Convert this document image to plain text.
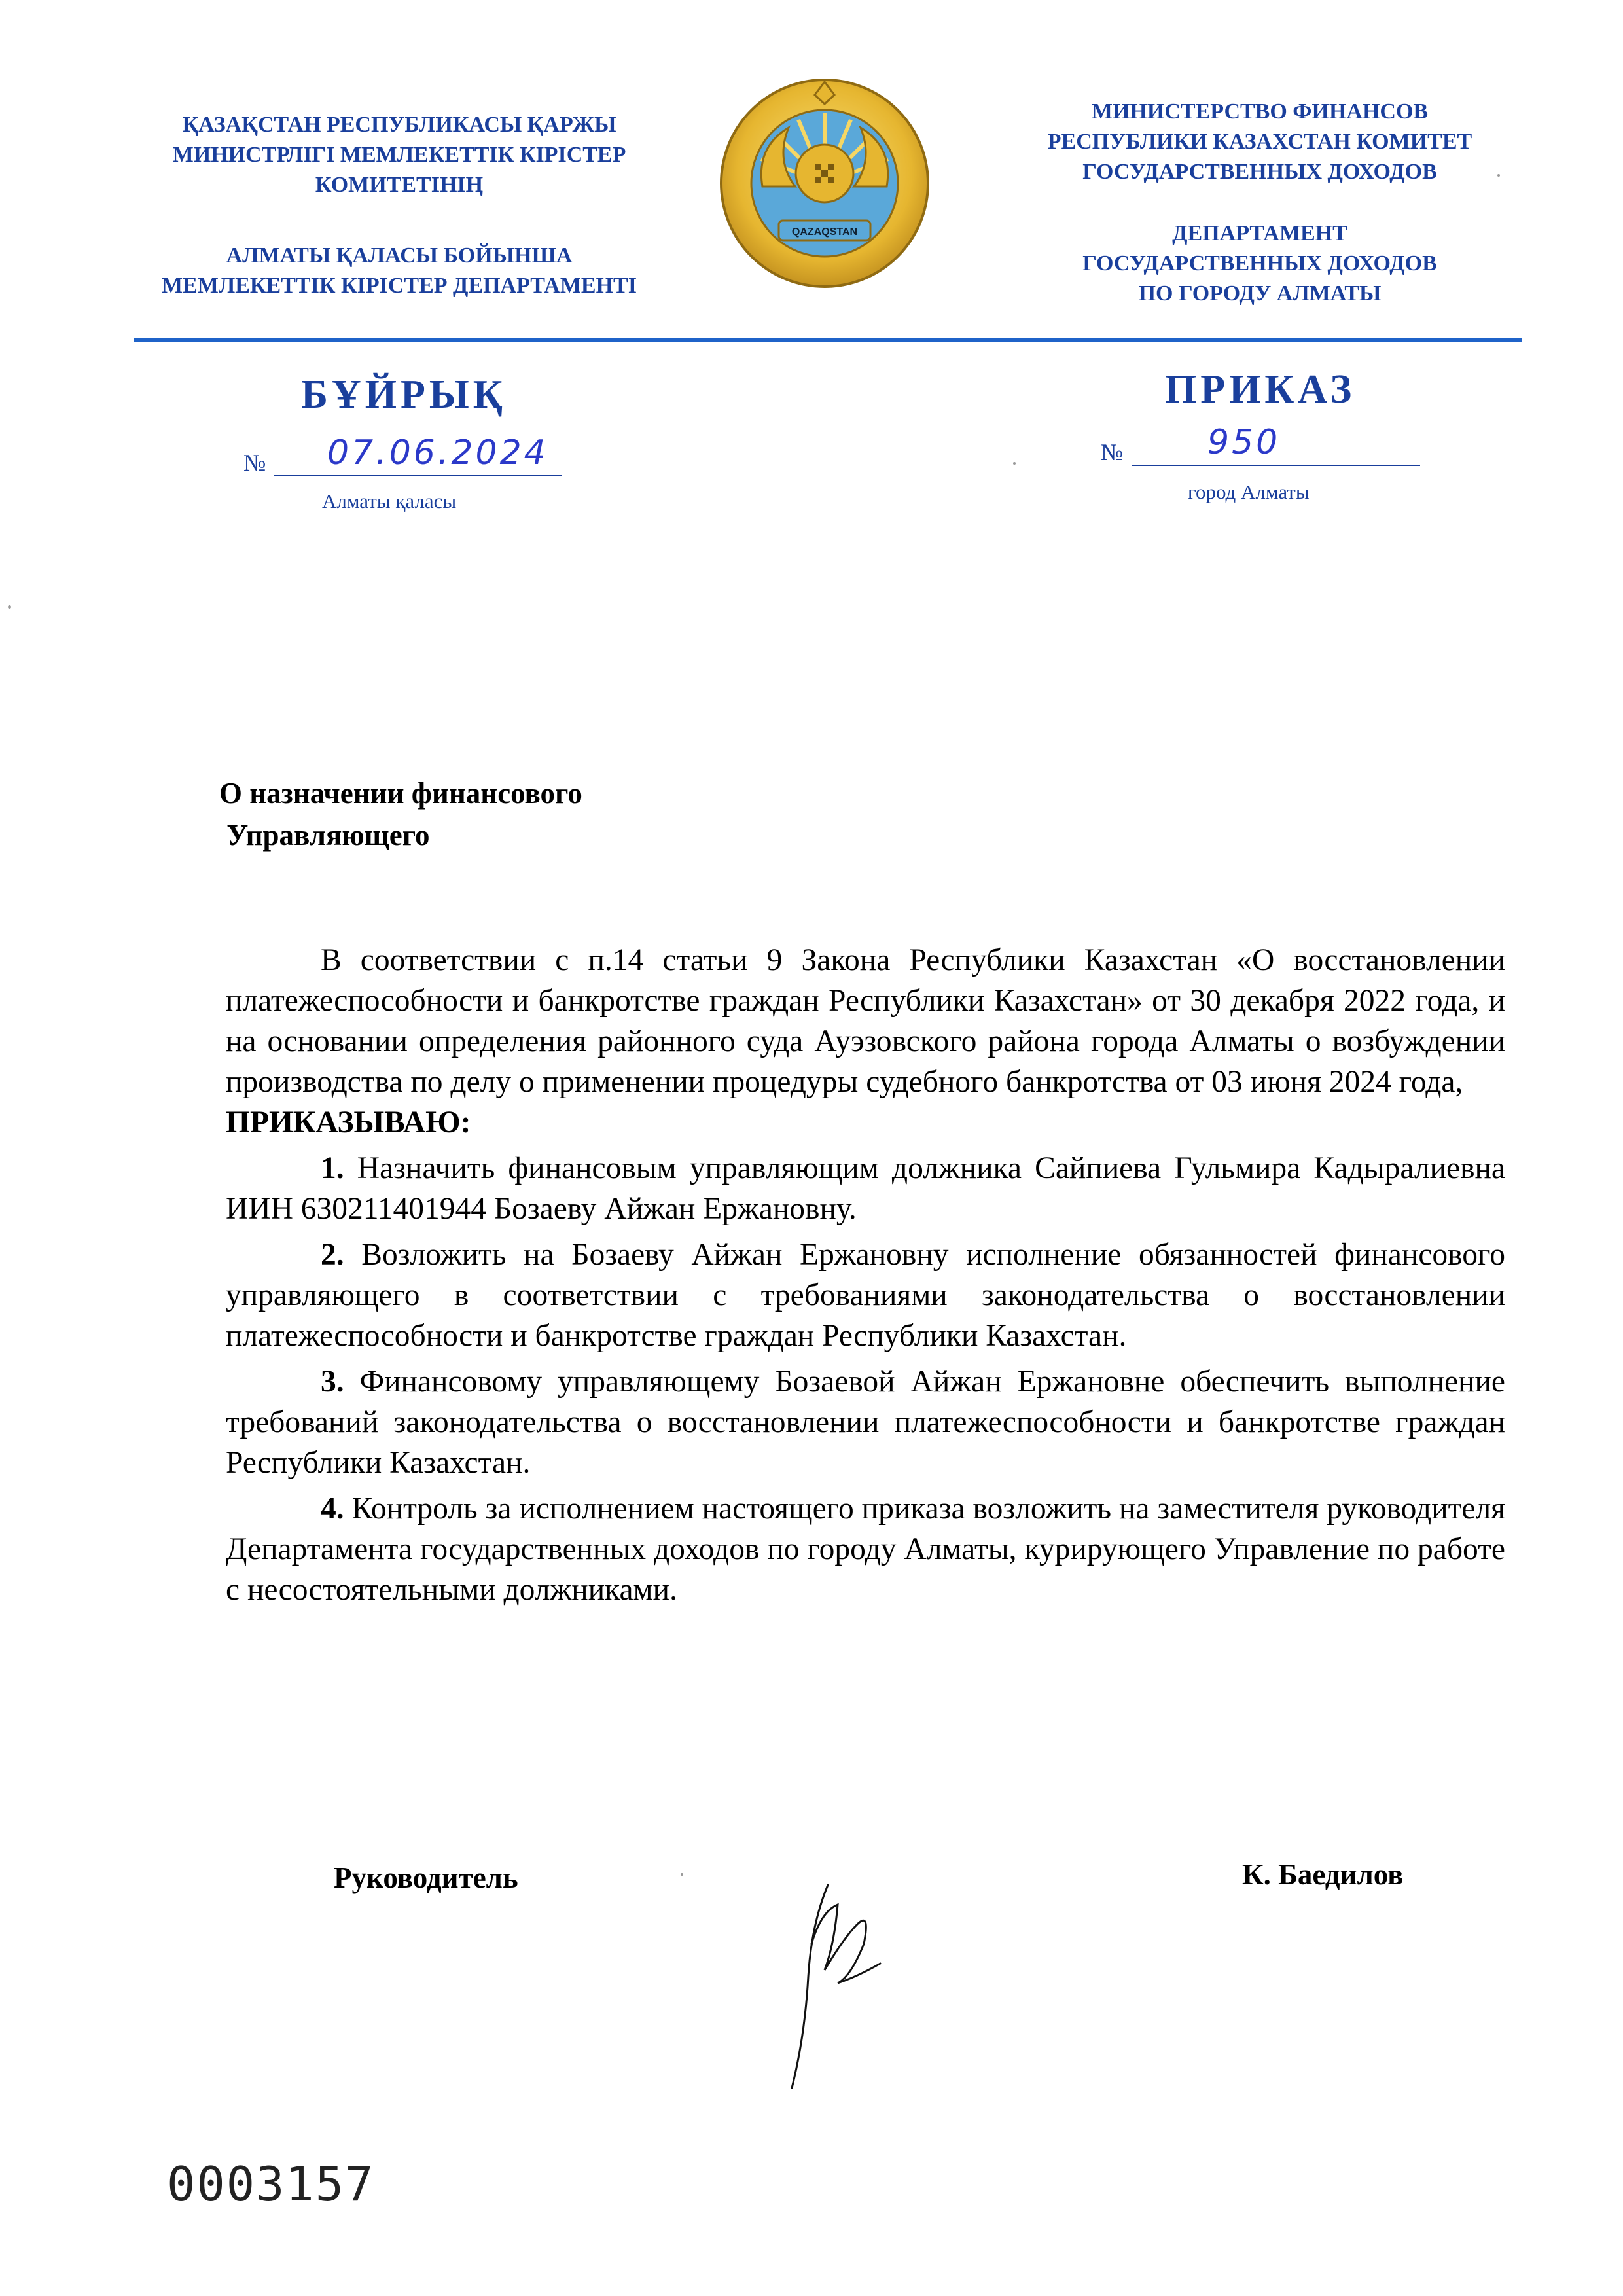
ҚАЗАҚСТАН РЕСПУБЛИКАСЫ ҚАРЖЫ
МИНИСТРЛІГІ МЕМЛЕКЕТТІК КІРІСТЕР
КОМИТЕТІНІҢ
АЛМАТЫ ҚАЛАСЫ БОЙЫНША
МЕМЛЕКЕТТІК КІРІСТЕР ДЕПАРТАМЕНТІ
МИНИСТЕРСТВО ФИНАНСОВ
РЕСПУБЛИКИ КАЗАХСТАН КОМИТЕТ
ГОСУДАРСТВЕННЫХ ДОХОДОВ
ДЕПАРТАМЕНТ
ГОСУДАРСТВЕННЫХ ДОХОДОВ
ПО ГОРОДУ АЛМАТЫ
QAZAQSTAN
БҰЙРЫҚ	ПРИКАЗ
№ 07.06.2024
Алматы қаласы
№ 950
город Алматы
О назначении финансового
Управляющего

В соответствии с п.14 статьи 9 Закона Республики Казахстан «О восстановлении платежеспособности и банкротстве граждан Республики Казахстан» от 30 декабря 2022 года, и на основании определения районного суда Ауэзовского района города Алматы о возбуждении производства по делу о применении процедуры судебного банкротства от 03 июня 2024 года,

ПРИКАЗЫВАЮ:

1. Назначить финансовым управляющим должника Сайпиева Гульмира Кадыралиевна ИИН 630211401944 Бозаеву Айжан Ержановну.

2. Возложить на Бозаеву Айжан Ержановну исполнение обязанностей финансового управляющего в соответствии с требованиями законодательства о восстановлении платежеспособности и банкротстве граждан Республики Казахстан.

3. Финансовому управляющему Бозаевой Айжан Ержановне обеспечить выполнение требований законодательства о восстановлении платежеспособности и банкротстве граждан Республики Казахстан.

4. Контроль за исполнением настоящего приказа возложить на заместителя руководителя Департамента государственных доходов по городу Алматы, курирующего Управление по работе с несостоятельными должниками.

Руководитель	К. Баедилов
0003157
